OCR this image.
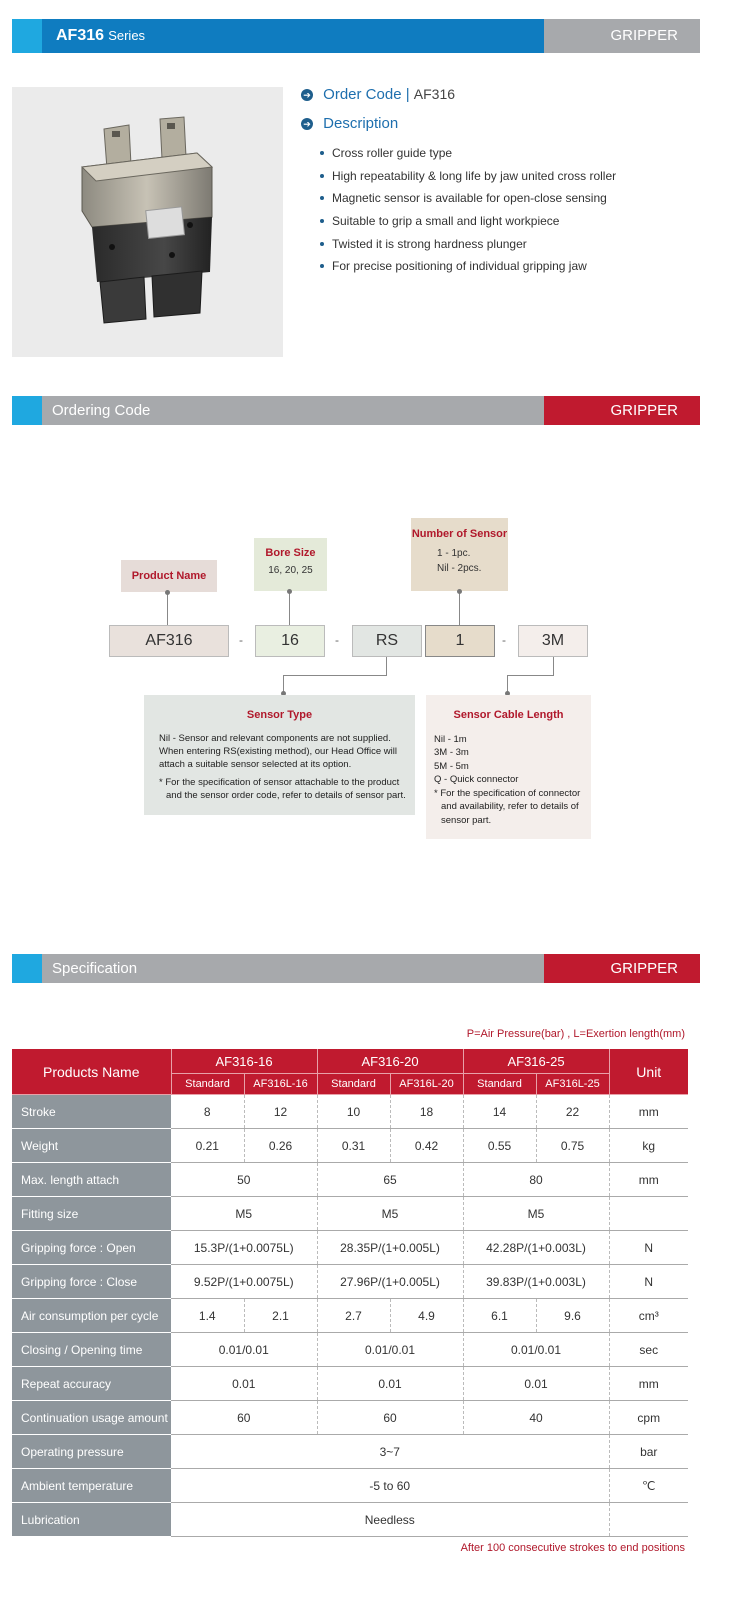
AF316 Series	GRIPPER
➔ Order Code | AF316
➔ Description
Cross roller guide type
High repeatability & long life by jaw united cross roller
Magnetic sensor is available for open-close sensing
Suitable to grip a small and light workpiece
Twisted it is strong hardness plunger
For precise positioning of individual gripping jaw
Ordering Code	GRIPPER
Product Name
Bore Size
16, 20, 25
Number of Sensor
1 - 1pc.
Nil - 2pcs.
AF316	-	16	-	RS	1	-	3M
Sensor Type
Nil - Sensor and relevant components are not supplied.
When entering RS(existing method), our Head Office will
attach a suitable sensor selected at its option.
* For the specification of sensor attachable to the product
and the sensor order code, refer to details of sensor part.
Sensor Cable Length
Nil - 1m
3M - 3m
5M - 5m
Q - Quick connector
* For the specification of connector
and availability, refer to details of
sensor part.
Specification	GRIPPER
P=Air Pressure(bar) , L=Exertion length(mm)
Products Name	AF316-16		AF316-20		AF316-25		Unit
	Standard	AF316L-16	Standard	AF316L-20	Standard	AF316L-25	
Stroke	8	12	10	18	14	22	mm
Weight	0.21	0.26	0.31	0.42	0.55	0.75	kg
Max. length attach	50		65		80		mm
Fitting size	M5		M5		M5		
Gripping force : Open	15.3P/(1+0.0075L)		28.35P/(1+0.005L)		42.28P/(1+0.003L)		N
Gripping force : Close	9.52P/(1+0.0075L)		27.96P/(1+0.005L)		39.83P/(1+0.003L)		N
Air consumption per cycle	1.4	2.1	2.7	4.9	6.1	9.6	cm³
Closing / Opening time	0.01/0.01		0.01/0.01		0.01/0.01		sec
Repeat accuracy	0.01		0.01		0.01		mm
Continuation usage amount	60		60		40		cpm
Operating pressure	3~7						bar
Ambient temperature	-5 to 60						℃
Lubrication	Needless						
After 100 consecutive strokes to end positions
